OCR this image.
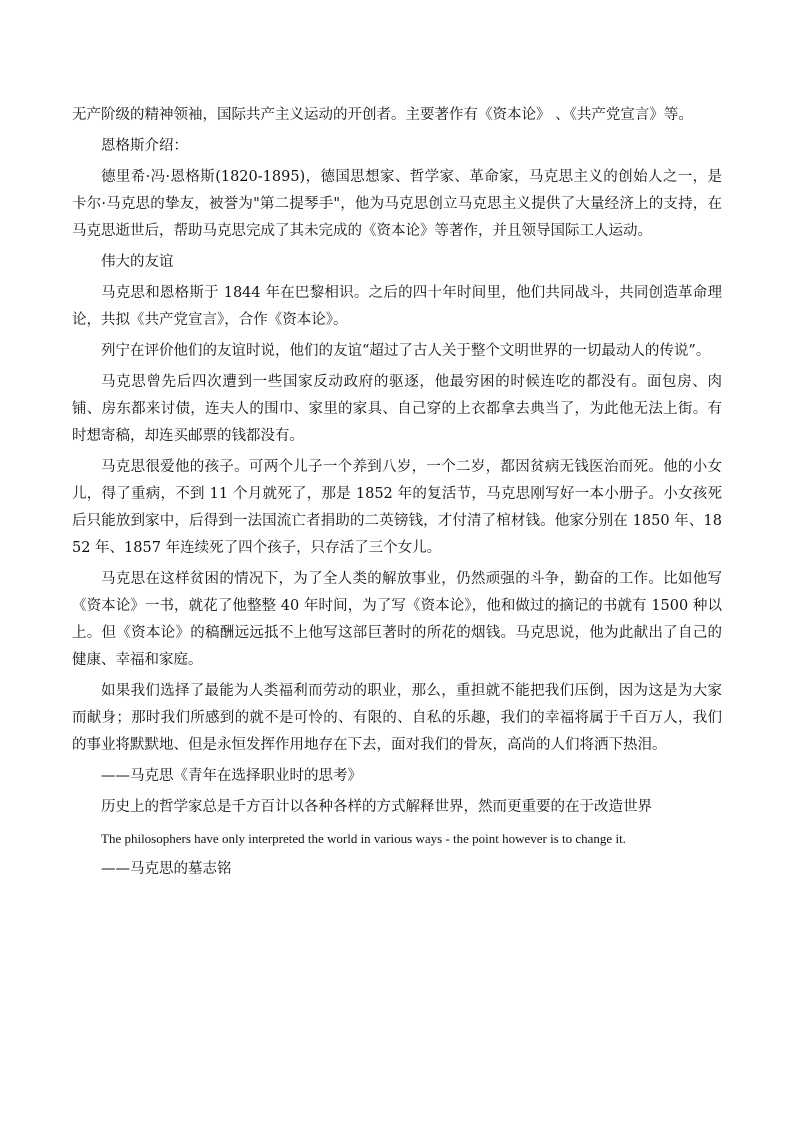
无产阶级的精神领袖，国际共产主义运动的开创者。主要著作有《资本论》 、《共产党宣言》等。

恩格斯介绍：

德里希·冯·恩格斯(1820-1895)，德国思想家、哲学家、革命家，马克思主义的创始人之一，是卡尔·马克思的挚友，被誉为"第二提琴手"，他为马克思创立马克思主义提供了大量经济上的支持，在马克思逝世后，帮助马克思完成了其未完成的《资本论》等著作，并且领导国际工人运动。

伟大的友谊

马克思和恩格斯于 1844 年在巴黎相识。之后的四十年时间里，他们共同战斗，共同创造革命理论，共拟《共产党宣言》，合作《资本论》。

列宁在评价他们的友谊时说，他们的友谊“超过了古人关于整个文明世界的一切最动人的传说”。

马克思曾先后四次遭到一些国家反动政府的驱逐，他最穷困的时候连吃的都没有。面包房、肉铺、房东都来讨债，连夫人的围巾、家里的家具、自己穿的上衣都拿去典当了，为此他无法上街。有时想寄稿，却连买邮票的钱都没有。

马克思很爱他的孩子。可两个儿子一个养到八岁，一个二岁，都因贫病无钱医治而死。他的小女儿，得了重病，不到 11 个月就死了，那是 1852 年的复活节，马克思刚写好一本小册子。小女孩死后只能放到家中，后得到一法国流亡者捐助的二英镑钱，才付清了棺材钱。他家分别在 1850 年、1852 年、1857 年连续死了四个孩子，只存活了三个女儿。

马克思在这样贫困的情况下，为了全人类的解放事业，仍然顽强的斗争，勤奋的工作。比如他写《资本论》一书，就花了他整整 40 年时间，为了写《资本论》，他和做过的摘记的书就有 1500 种以上。但《资本论》的稿酬远远抵不上他写这部巨著时的所花的烟钱。马克思说，他为此献出了自己的健康、幸福和家庭。

如果我们选择了最能为人类福利而劳动的职业，那么，重担就不能把我们压倒，因为这是为大家而献身；那时我们所感到的就不是可怜的、有限的、自私的乐趣，我们的幸福将属于千百万人，我们的事业将默默地、但是永恒发挥作用地存在下去，面对我们的骨灰，高尚的人们将洒下热泪。

——马克思《青年在选择职业时的思考》

历史上的哲学家总是千方百计以各种各样的方式解释世界，然而更重要的在于改造世界

The philosophers have only interpreted the world in various ways - the point however is to change it.

——马克思的墓志铭
